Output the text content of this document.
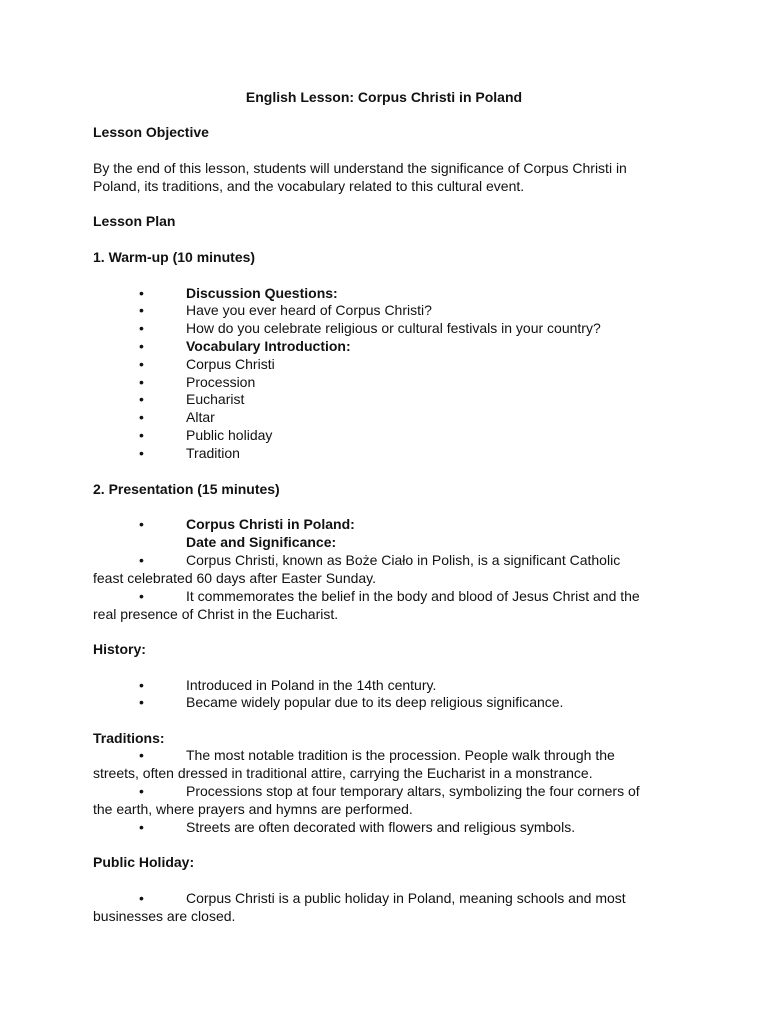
English Lesson: Corpus Christi in Poland
Lesson Objective
By the end of this lesson, students will understand the significance of Corpus Christi in
Poland, its traditions, and the vocabulary related to this cultural event.
Lesson Plan
1. Warm-up (10 minutes)
•	Discussion Questions:
•	Have you ever heard of Corpus Christi?
•	How do you celebrate religious or cultural festivals in your country?
•	Vocabulary Introduction:
•	Corpus Christi
•	Procession
•	Eucharist
•	Altar
•	Public holiday
•	Tradition
2. Presentation (15 minutes)
•	Corpus Christi in Poland:
Date and Significance:
•	Corpus Christi, known as Boże Ciało in Polish, is a significant Catholic
feast celebrated 60 days after Easter Sunday.
•	It commemorates the belief in the body and blood of Jesus Christ and the
real presence of Christ in the Eucharist.
History:
•	Introduced in Poland in the 14th century.
•	Became widely popular due to its deep religious significance.
Traditions:
•	The most notable tradition is the procession. People walk through the
streets, often dressed in traditional attire, carrying the Eucharist in a monstrance.
•	Processions stop at four temporary altars, symbolizing the four corners of
the earth, where prayers and hymns are performed.
•	Streets are often decorated with flowers and religious symbols.
Public Holiday:
•	Corpus Christi is a public holiday in Poland, meaning schools and most
businesses are closed.
